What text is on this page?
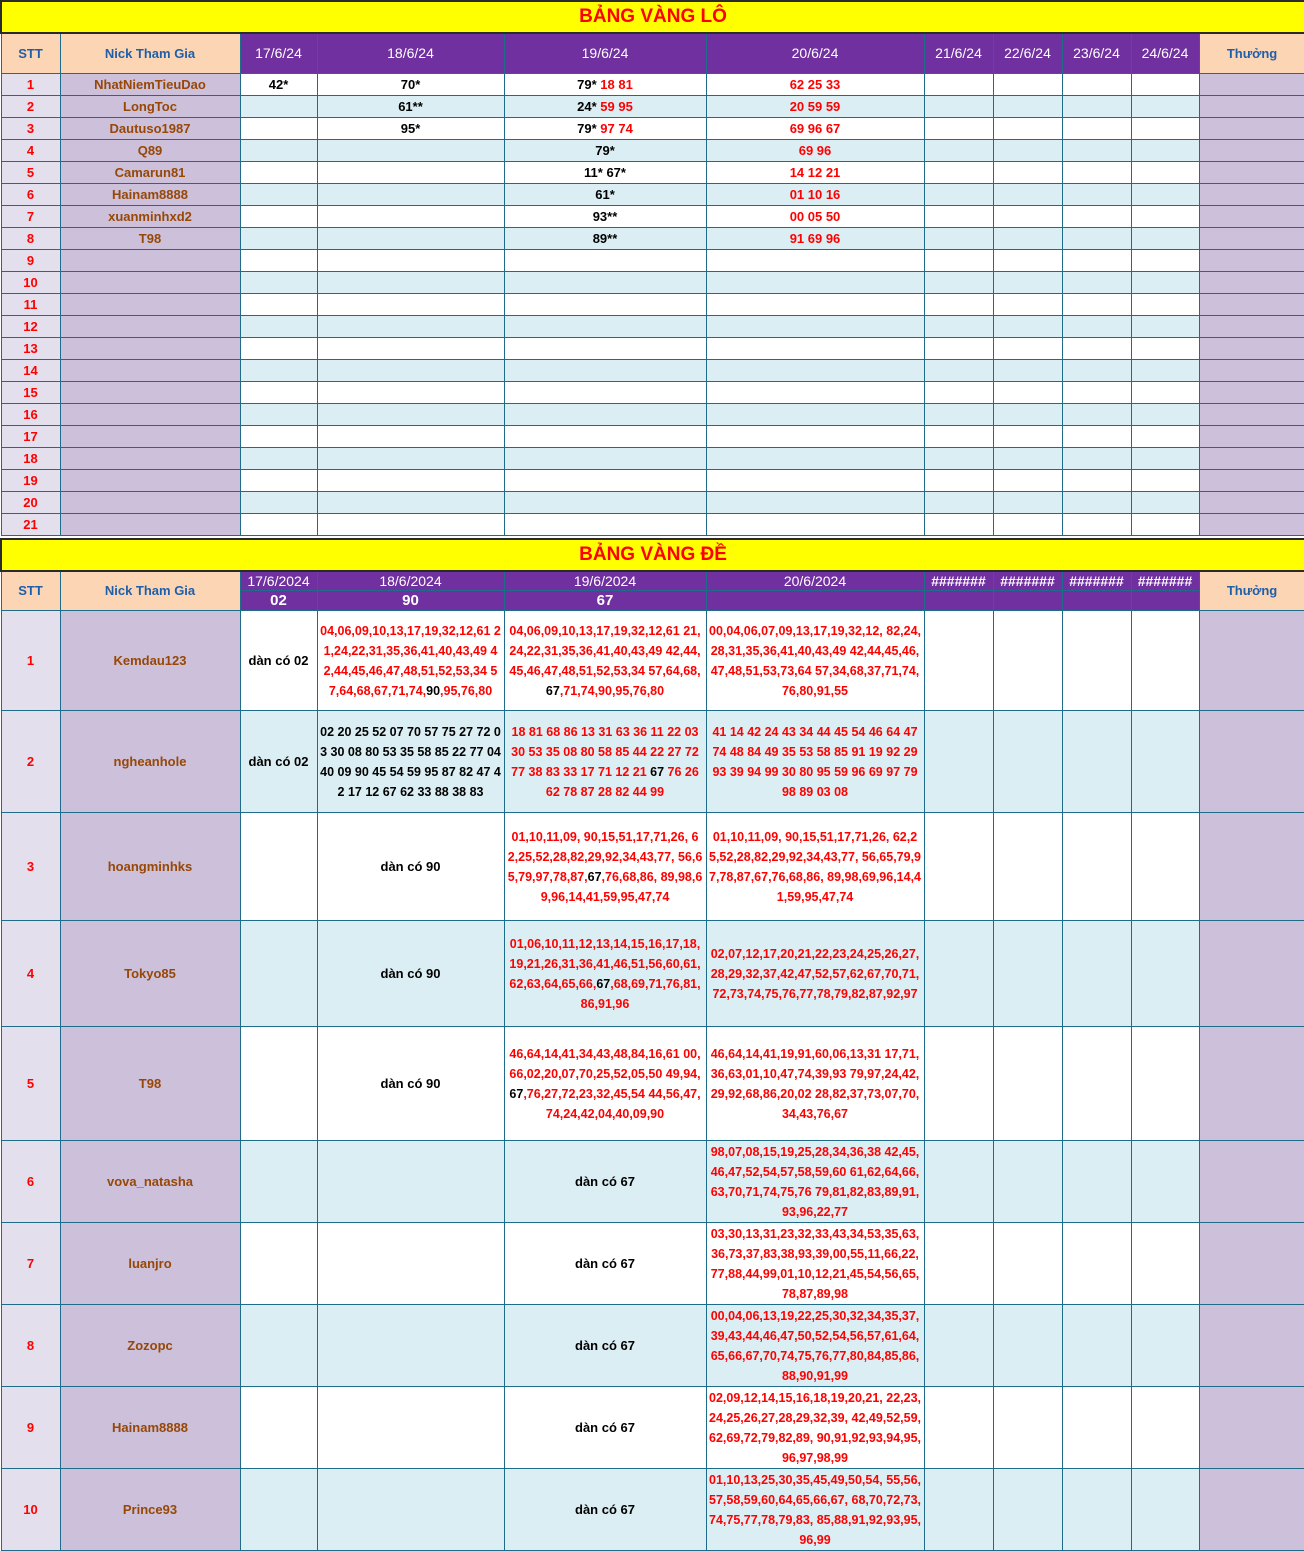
BẢNG VÀNG LÔ										
STT	Nick Tham Gia	17/6/24	18/6/24	19/6/24	20/6/24	21/6/24	22/6/24	23/6/24	24/6/24	Thưởng
1	NhatNiemTieuDao	42*	70*	79* 18 81	62 25 33					
2	LongToc		61**	24* 59 95	20 59 59					
3	Dautuso1987		95*	79* 97 74	69 96 67					
4	Q89			79*	69 96					
5	Camarun81			11* 67*	14 12 21					
6	Hainam8888			61*	01 10 16					
7	xuanminhxd2			93**	00 05 50					
8	T98			89**	91 69 96					
9										
10										
11										
12										
13										
14										
15										
16										
17										
18										
19										
20										
21										
BẢNG VÀNG ĐỀ										
STT	Nick Tham Gia	17/6/2024	18/6/2024	19/6/2024	20/6/2024	#######	#######	#######	#######	Thưởng
		02	90	67						
1	Kemdau123	dàn có 02	04,06,09,10,13,17,19,32,12,61 21,24,22,31,35,36,41,40,43,49 42,44,45,46,47,48,51,52,53,34 57,64,68,67,71,74,90,95,76,80	04,06,09,10,13,17,19,32,12,61 21,24,22,31,35,36,41,40,43,49 42,44,45,46,47,48,51,52,53,34 57,64,68,67,71,74,90,95,76,80	00,04,06,07,09,13,17,19,32,12, 82,24,28,31,35,36,41,40,43,49 42,44,45,46,47,48,51,53,73,64 57,34,68,37,71,74,76,80,91,55					

2	ngheanhole	dàn có 02	02 20 25 52 07 70 57 75 27 72 03 30 08 80 53 35 58 85 22 77 04 40 09 90 45 54 59 95 87 82 47 42 17 12 67 62 33 88 38 83	18 81 68 86 13 31 63 36 11 22 03 30 53 35 08 80 58 85 44 22 27 72 77 38 83 33 17 71 12 21 67 76 26 62 78 87 28 82 44 99	41 14 42 24 43 34 44 45 54 46 64 47 74 48 84 49 35 53 58 85 91 19 92 29 93 39 94 99 30 80 95 59 96 69 97 79 98 89 03 08					

3	hoangminhks		dàn có 90	01,10,11,09, 90,15,51,17,71,26, 62,25,52,28,82,29,92,34,43,77, 56,65,79,97,78,87,67,76,68,86, 89,98,69,96,14,41,59,95,47,74	01,10,11,09, 90,15,51,17,71,26, 62,25,52,28,82,29,92,34,43,77, 56,65,79,97,78,87,67,76,68,86, 89,98,69,96,14,41,59,95,47,74					

4	Tokyo85		dàn có 90	01,06,10,11,12,13,14,15,16,17,18,19,21,26,31,36,41,46,51,56,60,61,62,63,64,65,66,67,68,69,71,76,81,86,91,96	02,07,12,17,20,21,22,23,24,25,26,27,28,29,32,37,42,47,52,57,62,67,70,71,72,73,74,75,76,77,78,79,82,87,92,97					

5	T98		dàn có 90	46,64,14,41,34,43,48,84,16,61 00,66,02,20,07,70,25,52,05,50 49,94,67,76,27,72,23,32,45,54 44,56,47,74,24,42,04,40,09,90	46,64,14,41,19,91,60,06,13,31 17,71,36,63,01,10,47,74,39,93 79,97,24,42,29,92,68,86,20,02 28,82,37,73,07,70,34,43,76,67					

6	vova_natasha			dàn có 67	98,07,08,15,19,25,28,34,36,38 42,45,46,47,52,54,57,58,59,60 61,62,64,66,63,70,71,74,75,76 79,81,82,83,89,91,93,96,22,77					

7	luanjro			dàn có 67	03,30,13,31,23,32,33,43,34,53,35,63,36,73,37,83,38,93,39,00,55,11,66,22,77,88,44,99,01,10,12,21,45,54,56,65,78,87,89,98					

8	Zozopc			dàn có 67	00,04,06,13,19,22,25,30,32,34,35,37,39,43,44,46,47,50,52,54,56,57,61,64,65,66,67,70,74,75,76,77,80,84,85,86,88,90,91,99					

9	Hainam8888			dàn có 67	02,09,12,14,15,16,18,19,20,21, 22,23,24,25,26,27,28,29,32,39, 42,49,52,59,62,69,72,79,82,89, 90,91,92,93,94,95,96,97,98,99					

10	Prince93			dàn có 67	01,10,13,25,30,35,45,49,50,54, 55,56,57,58,59,60,64,65,66,67, 68,70,72,73,74,75,77,78,79,83, 85,88,91,92,93,95,96,99					
